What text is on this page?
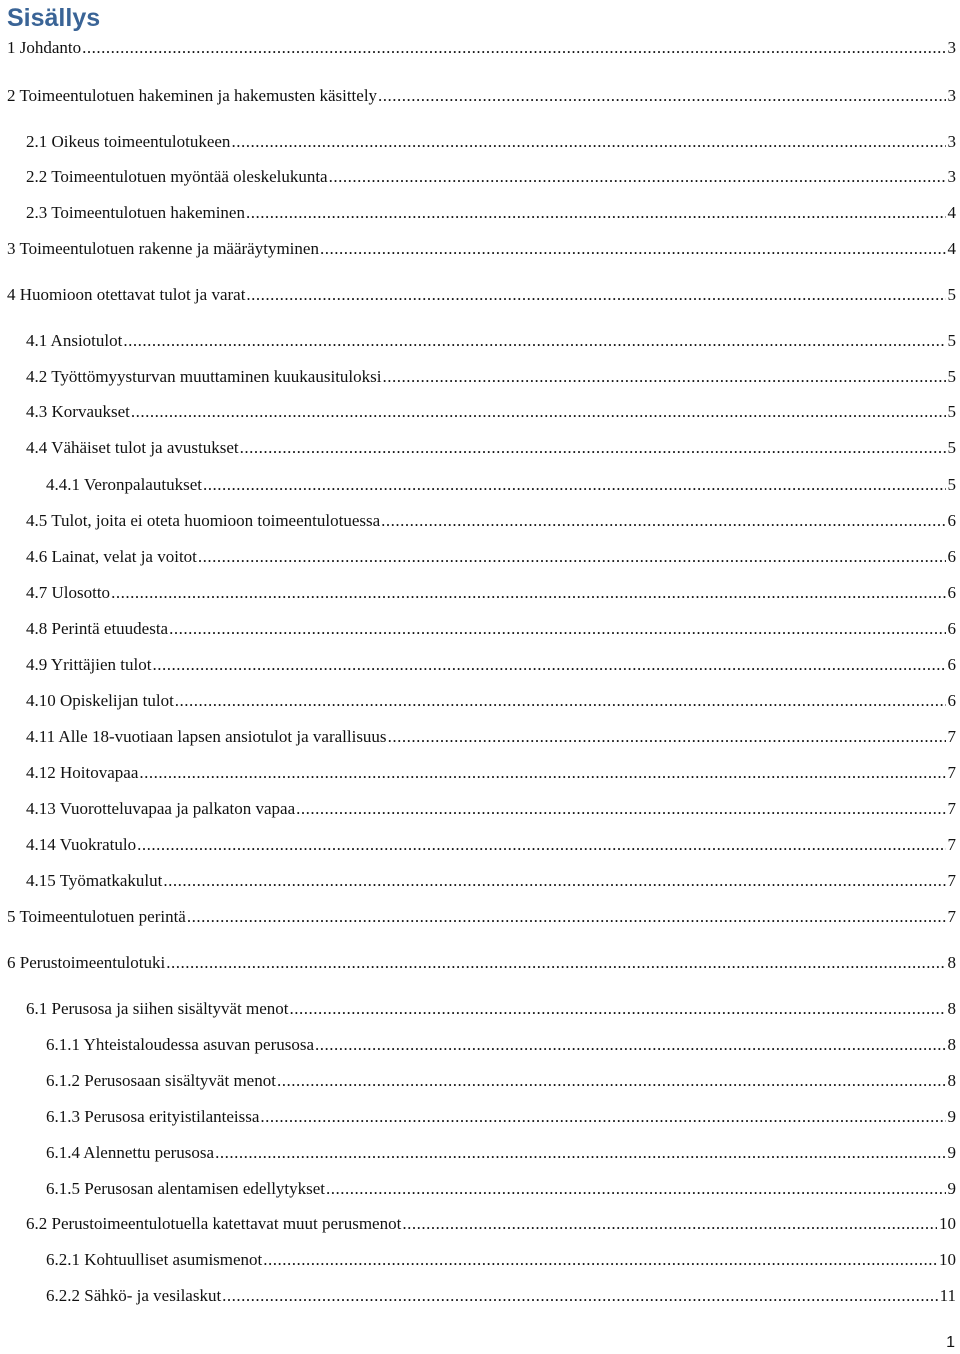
Sisällys
1 Johdanto .....	3
2 Toimeentulotuen hakeminen ja hakemusten käsittely .....	3
2.1 Oikeus toimeentulotukeen .....	3
2.2 Toimeentulotuen myöntää oleskelukunta .....	3
2.3 Toimeentulotuen hakeminen .....	4
3 Toimeentulotuen rakenne ja määräytyminen .....	4
4 Huomioon otettavat tulot ja varat .....	5
4.1 Ansiotulot .....	5
4.2 Työttömyysturvan muuttaminen kuukausituloksi .....	5
4.3 Korvaukset .....	5
4.4 Vähäiset tulot ja avustukset .....	5
4.4.1 Veronpalautukset .....	5
4.5 Tulot, joita ei oteta huomioon toimeentulotuessa .....	6
4.6 Lainat, velat ja voitot .....	6
4.7 Ulosotto .....	6
4.8 Perintä etuudesta .....	6
4.9 Yrittäjien tulot .....	6
4.10 Opiskelijan tulot .....	6
4.11 Alle 18-vuotiaan lapsen ansiotulot ja varallisuus .....	7
4.12 Hoitovapaa .....	7
4.13 Vuorotteluvapaa ja palkaton vapaa .....	7
4.14 Vuokratulo .....	7
4.15 Työmatkakulut .....	7
5 Toimeentulotuen perintä .....	7
6 Perustoimeentulotuki .....	8
6.1 Perusosa ja siihen sisältyvät menot .....	8
6.1.1 Yhteistaloudessa asuvan perusosa .....	8
6.1.2 Perusosaan sisältyvät menot .....	8
6.1.3 Perusosa erityistilanteissa .....	9
6.1.4 Alennettu perusosa .....	9
6.1.5 Perusosan alentamisen edellytykset .....	9
6.2 Perustoimeentulotuella katettavat muut perusmenot .....	10
6.2.1 Kohtuulliset asumismenot .....	10
6.2.2 Sähkö- ja vesilaskut .....	11
1
